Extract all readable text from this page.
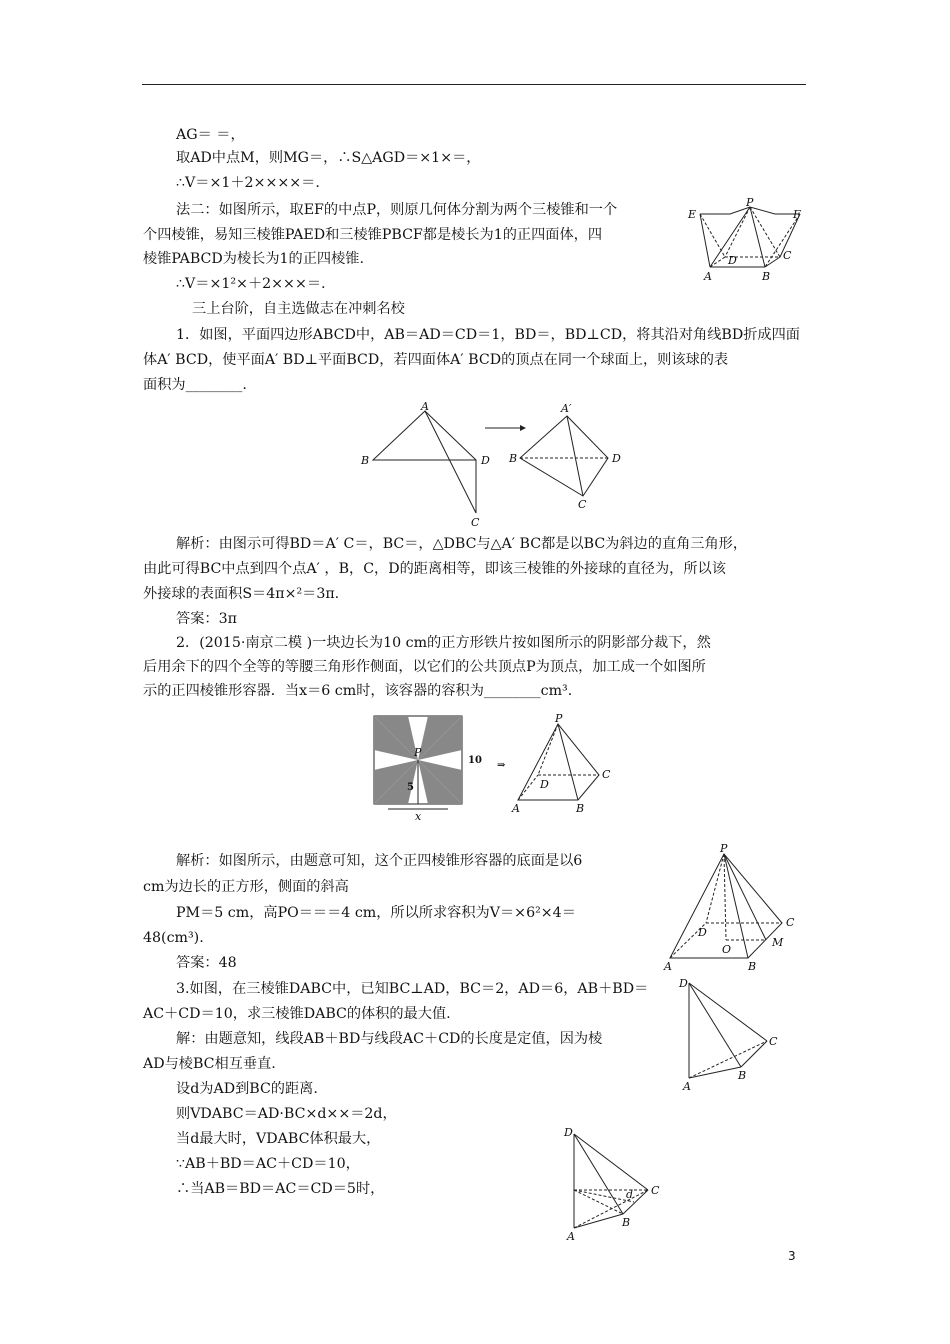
AG＝ ＝，
取AD中点M，则MG＝，∴S△AGD＝×1×＝，
∴V＝×1＋2××××＝.
法二：如图所示，取EF的中点P，则原几何体分割为两个三棱锥和一个
个四棱锥，易知三棱锥PAED和三棱锥PBCF都是棱长为1的正四面体，四
棱锥PABCD为棱长为1的正四棱锥.
∴V＝×1²×＋2×××＝.
三上台阶，自主选做志在冲刺名校
1．如图，平面四边形ABCD中，AB＝AD＝CD＝1，BD＝，BD⊥CD，将其沿对角线BD折成四面
体A′ BCD，使平面A′ BD⊥平面BCD，若四面体A′ BCD的顶点在同一个球面上，则该球的表
面积为________.
解析：由图示可得BD＝A′ C＝，BC＝，△DBC与△A′ BC都是以BC为斜边的直角三角形，
由此可得BC中点到四个点A′ ，B，C，D的距离相等，即该三棱锥的外接球的直径为，所以该
外接球的表面积S＝4π×²＝3π.
答案：3π
2．(2015·南京二模 )一块边长为10 cm的正方形铁片按如图所示的阴影部分裁下，然
后用余下的四个全等的等腰三角形作侧面，以它们的公共顶点P为顶点，加工成一个如图所
示的正四棱锥形容器．当x＝6 cm时，该容器的容积为________cm³.
解析：如图所示，由题意可知，这个正四棱锥形容器的底面是以6
cm为边长的正方形，侧面的斜高
PM＝5 cm，高PO＝＝＝4 cm，所以所求容积为V＝×6²×4＝
48(cm³).
答案：48
3.如图，在三棱锥DABC中，已知BC⊥AD，BC＝2，AD＝6，AB＋BD＝
AC＋CD＝10，求三棱锥DABC的体积的最大值.
解：由题意知，线段AB＋BD与线段AC＋CD的长度是定值，因为棱
AD与棱BC相互垂直.
设d为AD到BC的距离.
则VDABC＝AD·BC×d××＝2d，
当d最大时，VDABC体积最大，
∵AB＋BD＝AC＋CD＝10，
∴当AB＝BD＝AC＝CD＝5时，
E
P
F
D	C
A	B
A
B	D
C
A′
B	D
C
P
10
5
x
⇒
P
D
C
A	B
P
C
D
M
O
A	B
D
C
B
A
D
d C
B
A
3
